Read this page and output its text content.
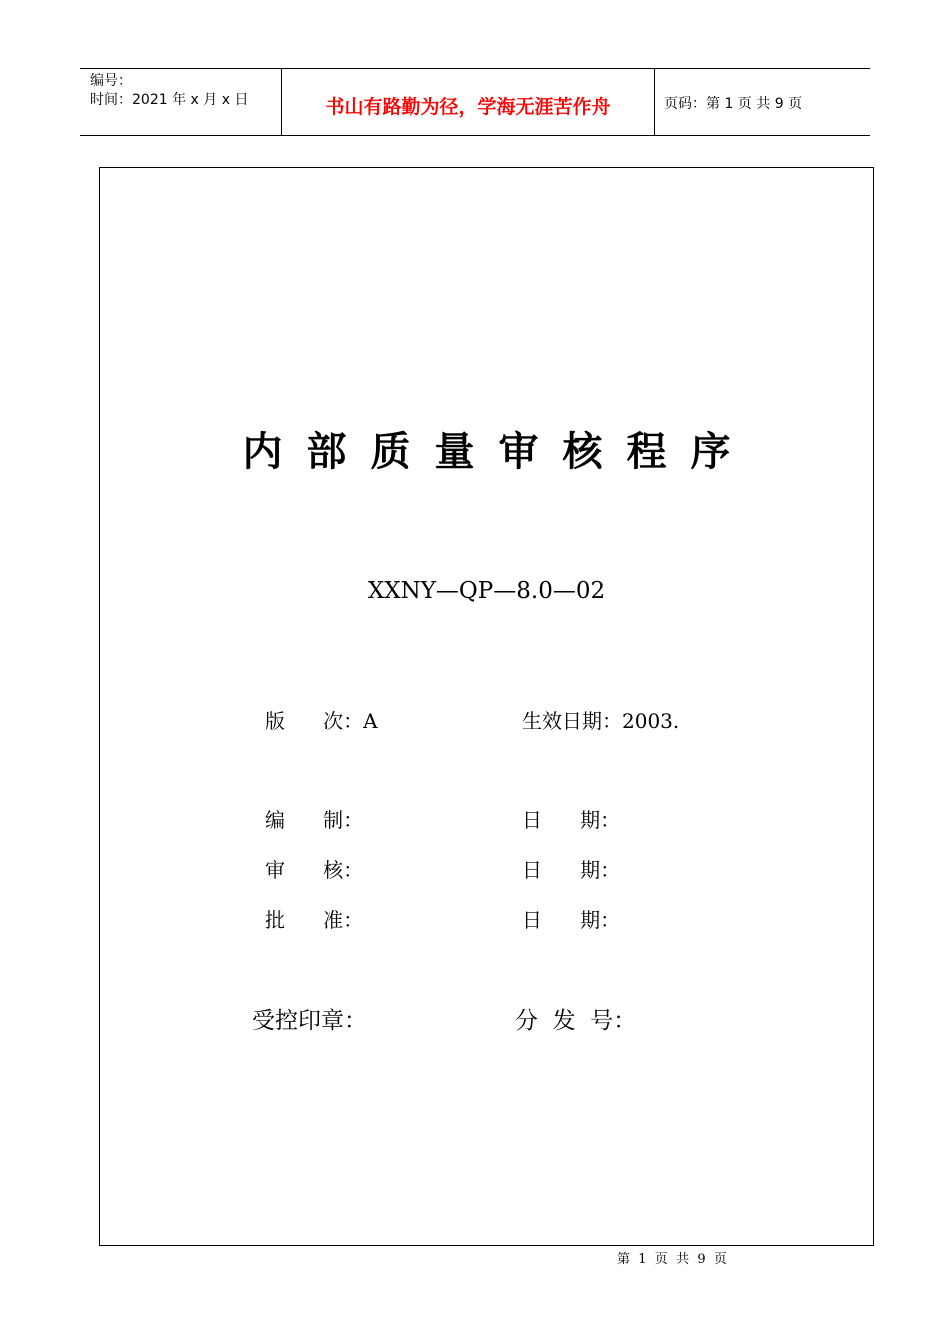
编号：
时间：2021 年 x 月 x 日	书山有路勤为径，学海无涯苦作舟	页码：第 1 页 共 9 页
内部质量审核程序
XXNY—QP—8.0—02
版      次：A	生效日期：2003.
编      制：	日      期：
审      核：	日      期：
批      准：	日      期：
受控印章：	分  发  号：
第  1  页  共  9  页
